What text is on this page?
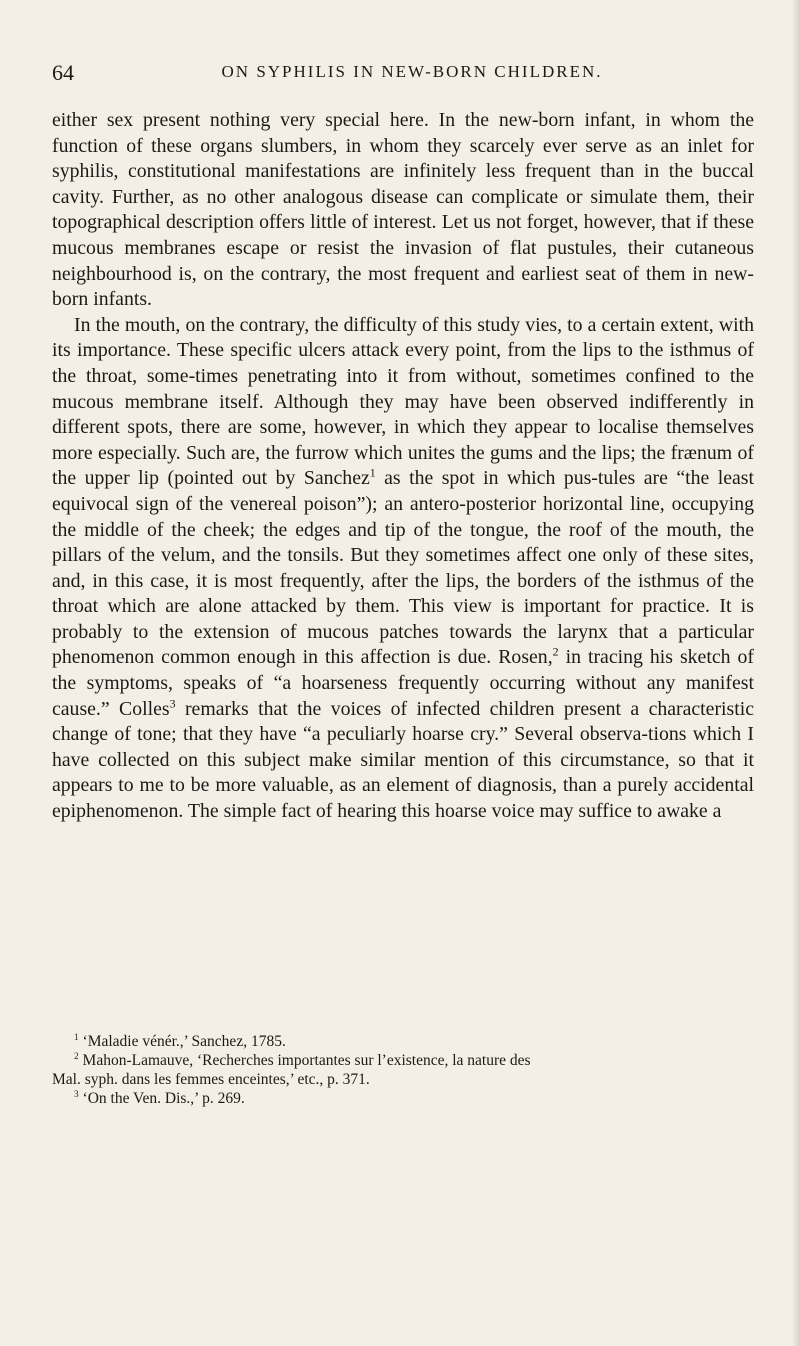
64	ON SYPHILIS IN NEW-BORN CHILDREN.

either sex present nothing very special here. In the new-born infant, in whom the function of these organs slumbers, in whom they scarcely ever serve as an inlet for syphilis, constitutional manifestations are infinitely less frequent than in the buccal cavity. Further, as no other analogous disease can complicate or simulate them, their topographical description offers little of interest. Let us not forget, however, that if these mucous membranes escape or resist the invasion of flat pustules, their cutaneous neighbourhood is, on the contrary, the most frequent and earliest seat of them in new-born infants.

In the mouth, on the contrary, the difficulty of this study vies, to a certain extent, with its importance. These specific ulcers attack every point, from the lips to the isthmus of the throat, some-times penetrating into it from without, sometimes confined to the mucous membrane itself. Although they may have been observed indifferently in different spots, there are some, however, in which they appear to localise themselves more especially. Such are, the furrow which unites the gums and the lips; the frænum of the upper lip (pointed out by Sanchez$^1$ as the spot in which pus-tules are “the least equivocal sign of the venereal poison”); an antero-posterior horizontal line, occupying the middle of the cheek; the edges and tip of the tongue, the roof of the mouth, the pillars of the velum, and the tonsils. But they sometimes affect one only of these sites, and, in this case, it is most frequently, after the lips, the borders of the isthmus of the throat which are alone attacked by them. This view is important for practice. It is probably to the extension of mucous patches towards the larynx that a particular phenomenon common enough in this affection is due. Rosen,$^2$ in tracing his sketch of the symptoms, speaks of “a hoarseness frequently occurring without any manifest cause.” Colles$^3$ remarks that the voices of infected children present a characteristic change of tone; that they have “a peculiarly hoarse cry.” Several observa-tions which I have collected on this subject make similar mention of this circumstance, so that it appears to me to be more valuable, as an element of diagnosis, than a purely accidental epiphenomenon. The simple fact of hearing this hoarse voice may suffice to awake a

$^1$ ‘Maladie vénér.,’ Sanchez, 1785.
$^2$ Mahon-Lamauve, ‘Recherches importantes sur l’existence, la nature des
Mal. syph. dans les femmes enceintes,’ etc., p. 371.
$^3$ ‘On the Ven. Dis.,’ p. 269.
